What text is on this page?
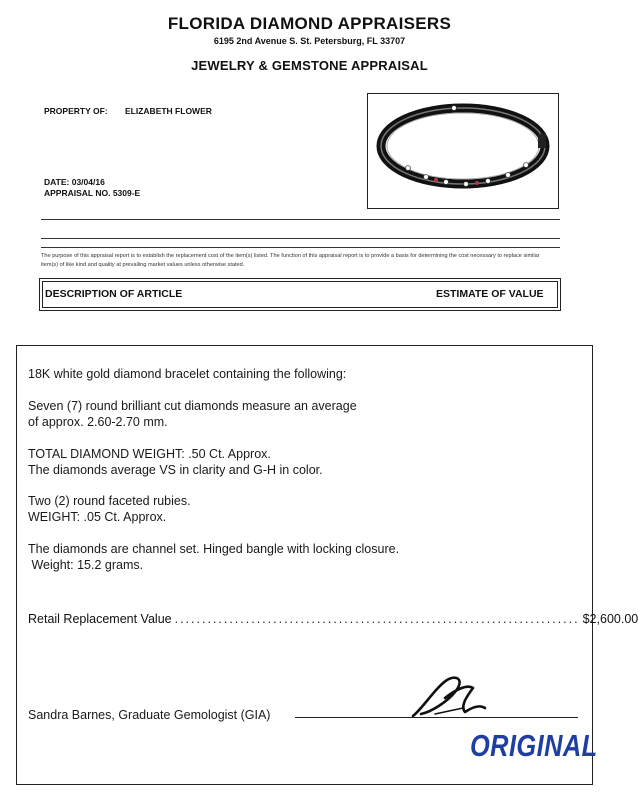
FLORIDA DIAMOND APPRAISERS
6195 2nd Avenue S. St. Petersburg, FL 33707
JEWELRY & GEMSTONE APPRAISAL
PROPERTY OF: ELIZABETH FLOWER
DATE: 03/04/16
APPRAISAL NO. 5309-E
The purpose of this appraisal report is to establish the replacement cost of the item(s) listed. The function of this appraisal report is to provide a basis for determining the cost necessary to replace similar item(s) of like kind and quality at prevailing market values unless otherwise stated.
DESCRIPTION OF ARTICLE	ESTIMATE OF VALUE
18K white gold diamond bracelet containing the following:
Seven (7) round brilliant cut diamonds measure an average
of approx. 2.60-2.70 mm.
TOTAL DIAMOND WEIGHT: .50 Ct. Approx.
The diamonds average VS in clarity and G-H in color.
Two (2) round faceted rubies.
WEIGHT: .05 Ct. Approx.
The diamonds are channel set. Hinged bangle with locking closure.
Weight: 15.2 grams.
Retail Replacement Value .......................................................................... $2,600.00
Sandra Barnes, Graduate Gemologist (GIA)
ORIGINAL
